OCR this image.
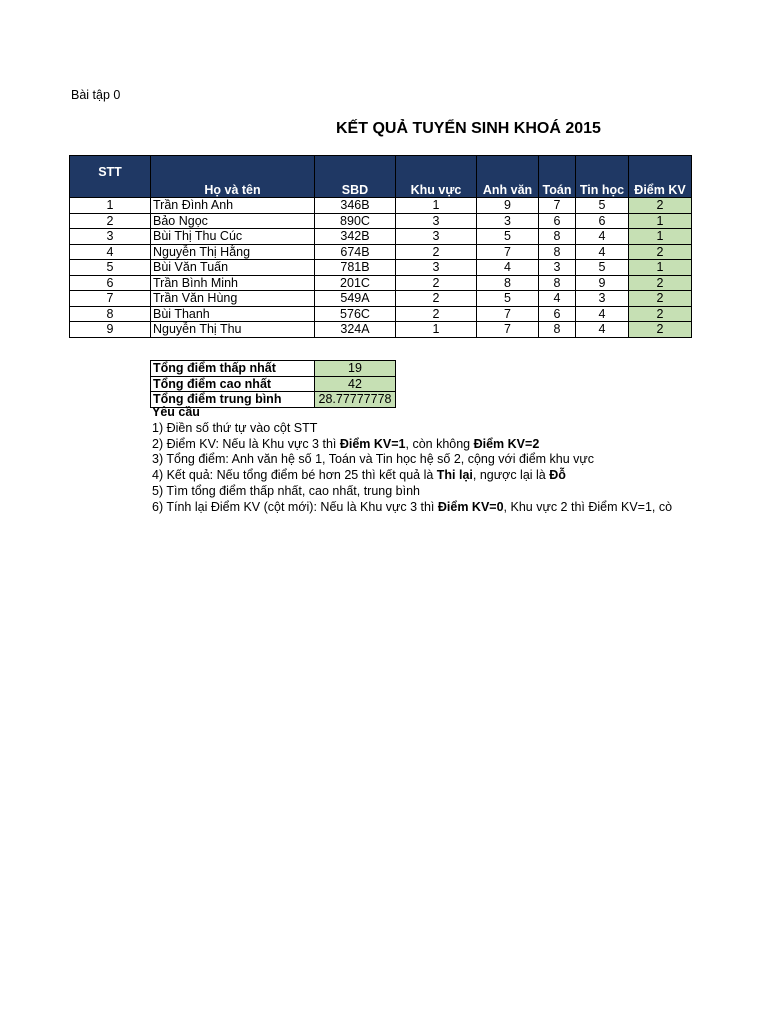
Bài tập 0
KẾT QUẢ TUYỂN SINH KHOÁ 2015
STT	Họ và tên	SBD	Khu vực	Anh văn	Toán	Tin học	Điểm KV
1	Trần Đình Anh	346B	1	9	7	5	2
2	Bảo Ngọc	890C	3	3	6	6	1
3	Bùi Thị Thu Cúc	342B	3	5	8	4	1
4	Nguyễn Thị Hằng	674B	2	7	8	4	2
5	Bùi Văn Tuấn	781B	3	4	3	5	1
6	Trần Bình Minh	201C	2	8	8	9	2
7	Trần Văn Hùng	549A	2	5	4	3	2
8	Bùi Thanh	576C	2	7	6	4	2
9	Nguyễn Thị Thu	324A	1	7	8	4	2
Tổng điểm thấp nhất	19
Tổng điểm cao nhất	42
Tổng điểm trung bình	28.77777778
Yêu cầu
1) Điền số thứ tự vào cột STT
2) Điểm KV: Nếu là Khu vực 3 thì Điểm KV=1, còn không Điểm KV=2
3) Tổng điểm: Anh văn hệ số 1, Toán và Tin học hệ số 2, cộng với điểm khu vực
4) Kết quả: Nếu tổng điểm bé hơn 25 thì kết quả là Thi lại, ngược lại là Đỗ
5) Tìm tổng điểm thấp nhất, cao nhất, trung bình
6) Tính lại Điểm KV (cột mới): Nếu là Khu vực 3 thì Điểm KV=0, Khu vực 2 thì Điểm KV=1, cò
